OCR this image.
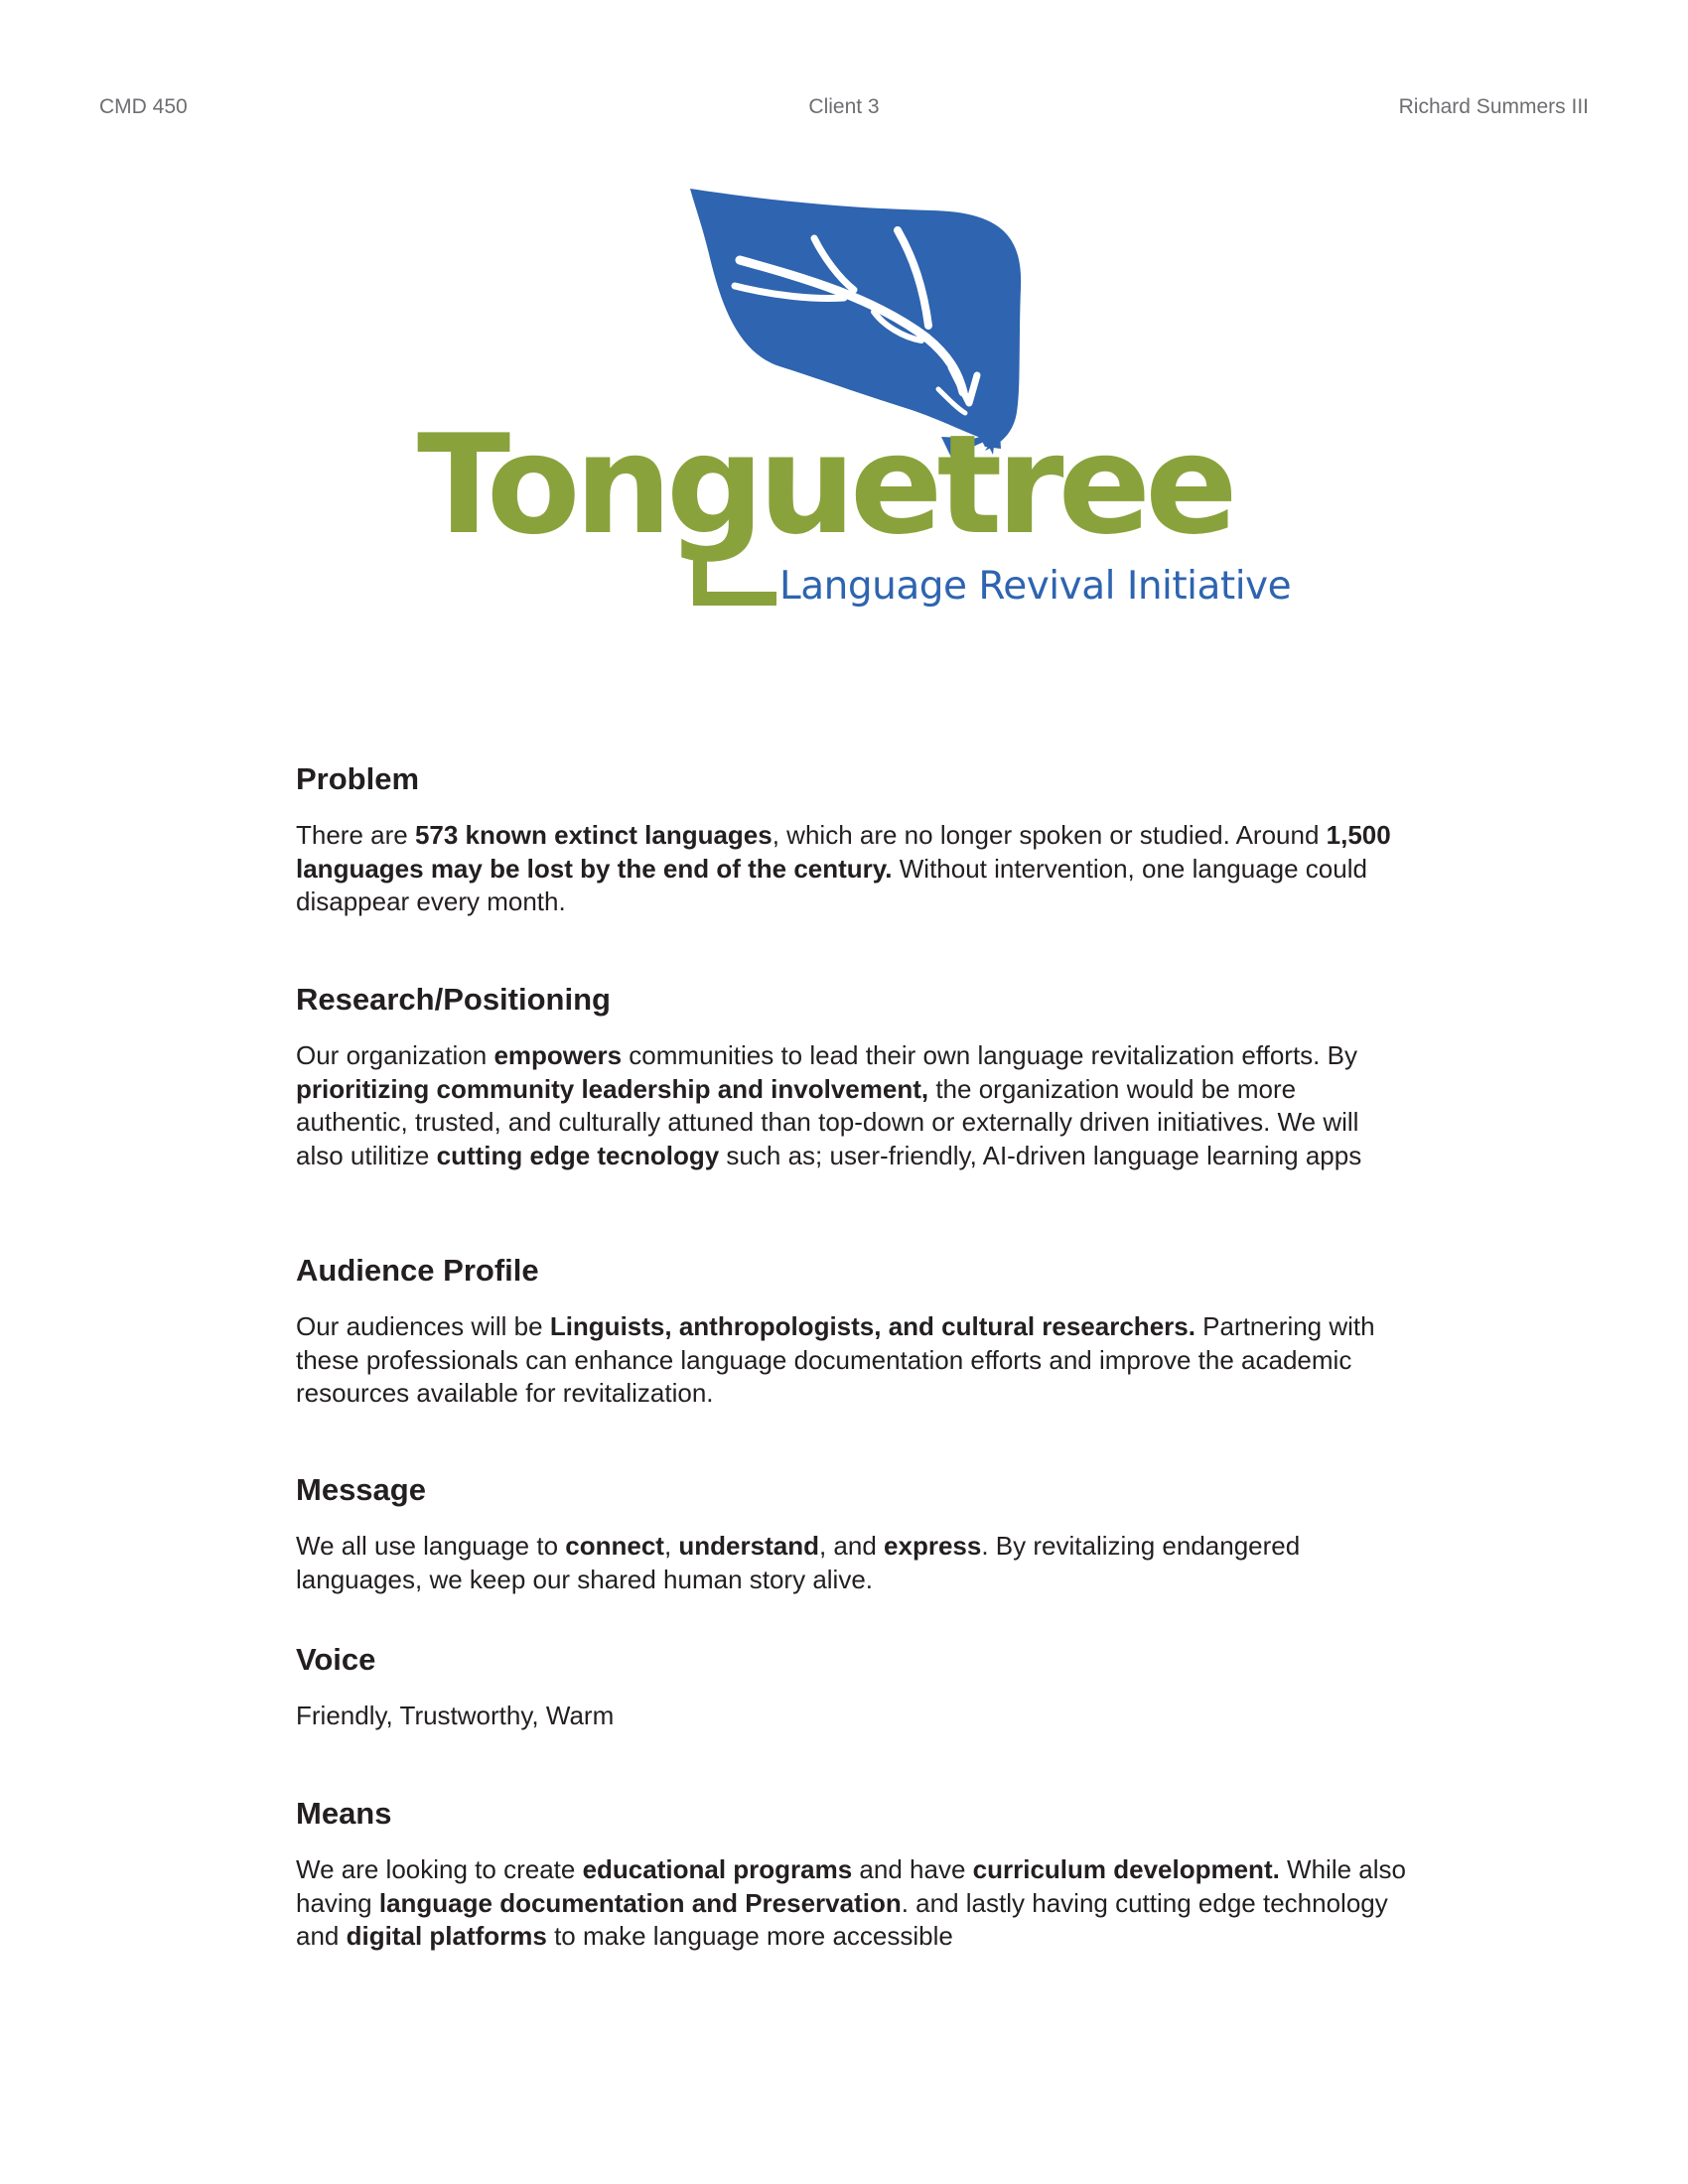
CMD 450	Client 3	Richard Summers III
Tonguetree
Language Revival Initiative
Problem

There are 573 known extinct languages, which are no longer spoken or studied. Around 1,500 languages may be lost by the end of the century. Without intervention, one language could disappear every month.

Research/Positioning

Our organization empowers communities to lead their own language revitalization efforts. By prioritizing community leadership and involvement, the organization would be more authentic, trusted, and culturally attuned than top-down or externally driven initiatives. We will also utilitize cutting edge tecnology such as; user-friendly, AI-driven language learning apps

Audience Profile

Our audiences will be Linguists, anthropologists, and cultural researchers. Partnering with these professionals can enhance language documentation efforts and improve the academic resources available for revitalization.

Message

We all use language to connect, understand, and express. By revitalizing endangered languages, we keep our shared human story alive.

Voice

Friendly, Trustworthy, Warm

Means

We are looking to create educational programs and have curriculum development. While also having language documentation and Preservation. and lastly having cutting edge technology and digital platforms to make language more accessible
